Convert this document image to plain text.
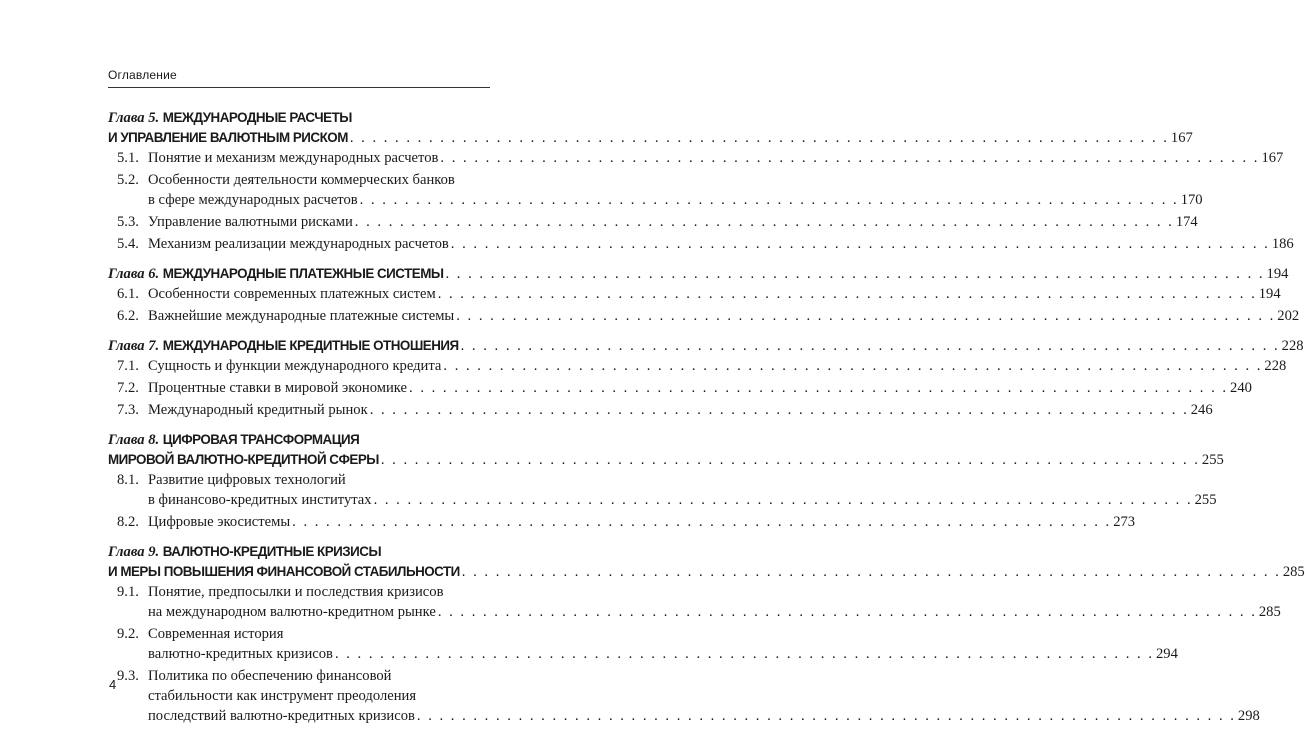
Оглавление
Глава 5. МЕЖДУНАРОДНЫЕ РАСЧЕТЫ
И УПРАВЛЕНИЕ ВАЛЮТНЫМ РИСКОМ . . .	167
5.1. Понятие и механизм международных расчетов . . .	167
5.2. Особенности деятельности коммерческих банков
в сфере международных расчетов . . .	170
5.3. Управление валютными рисками . . .	174
5.4. Механизм реализации международных расчетов . . .	186
Глава 6. МЕЖДУНАРОДНЫЕ ПЛАТЕЖНЫЕ СИСТЕМЫ . . .	194
6.1. Особенности современных платежных систем . . .	194
6.2. Важнейшие международные платежные системы . . .	202
Глава 7. МЕЖДУНАРОДНЫЕ КРЕДИТНЫЕ ОТНОШЕНИЯ . . .	228
7.1. Сущность и функции международного кредита . . .	228
7.2. Процентные ставки в мировой экономике . . .	240
7.3. Международный кредитный рынок . . .	246
Глава 8. ЦИФРОВАЯ ТРАНСФОРМАЦИЯ
МИРОВОЙ ВАЛЮТНО-КРЕДИТНОЙ СФЕРЫ . . .	255
8.1. Развитие цифровых технологий
в финансово-кредитных институтах . . .	255
8.2. Цифровые экосистемы . . .	273
Глава 9. ВАЛЮТНО-КРЕДИТНЫЕ КРИЗИСЫ
И МЕРЫ ПОВЫШЕНИЯ ФИНАНСОВОЙ СТАБИЛЬНОСТИ . . .	285
9.1. Понятие, предпосылки и последствия кризисов
на международном валютно-кредитном рынке . . .	285
9.2. Современная история
валютно-кредитных кризисов . . .	294
9.3. Политика по обеспечению финансовой
стабильности как инструмент преодоления
последствий валютно-кредитных кризисов . . .	298
4
